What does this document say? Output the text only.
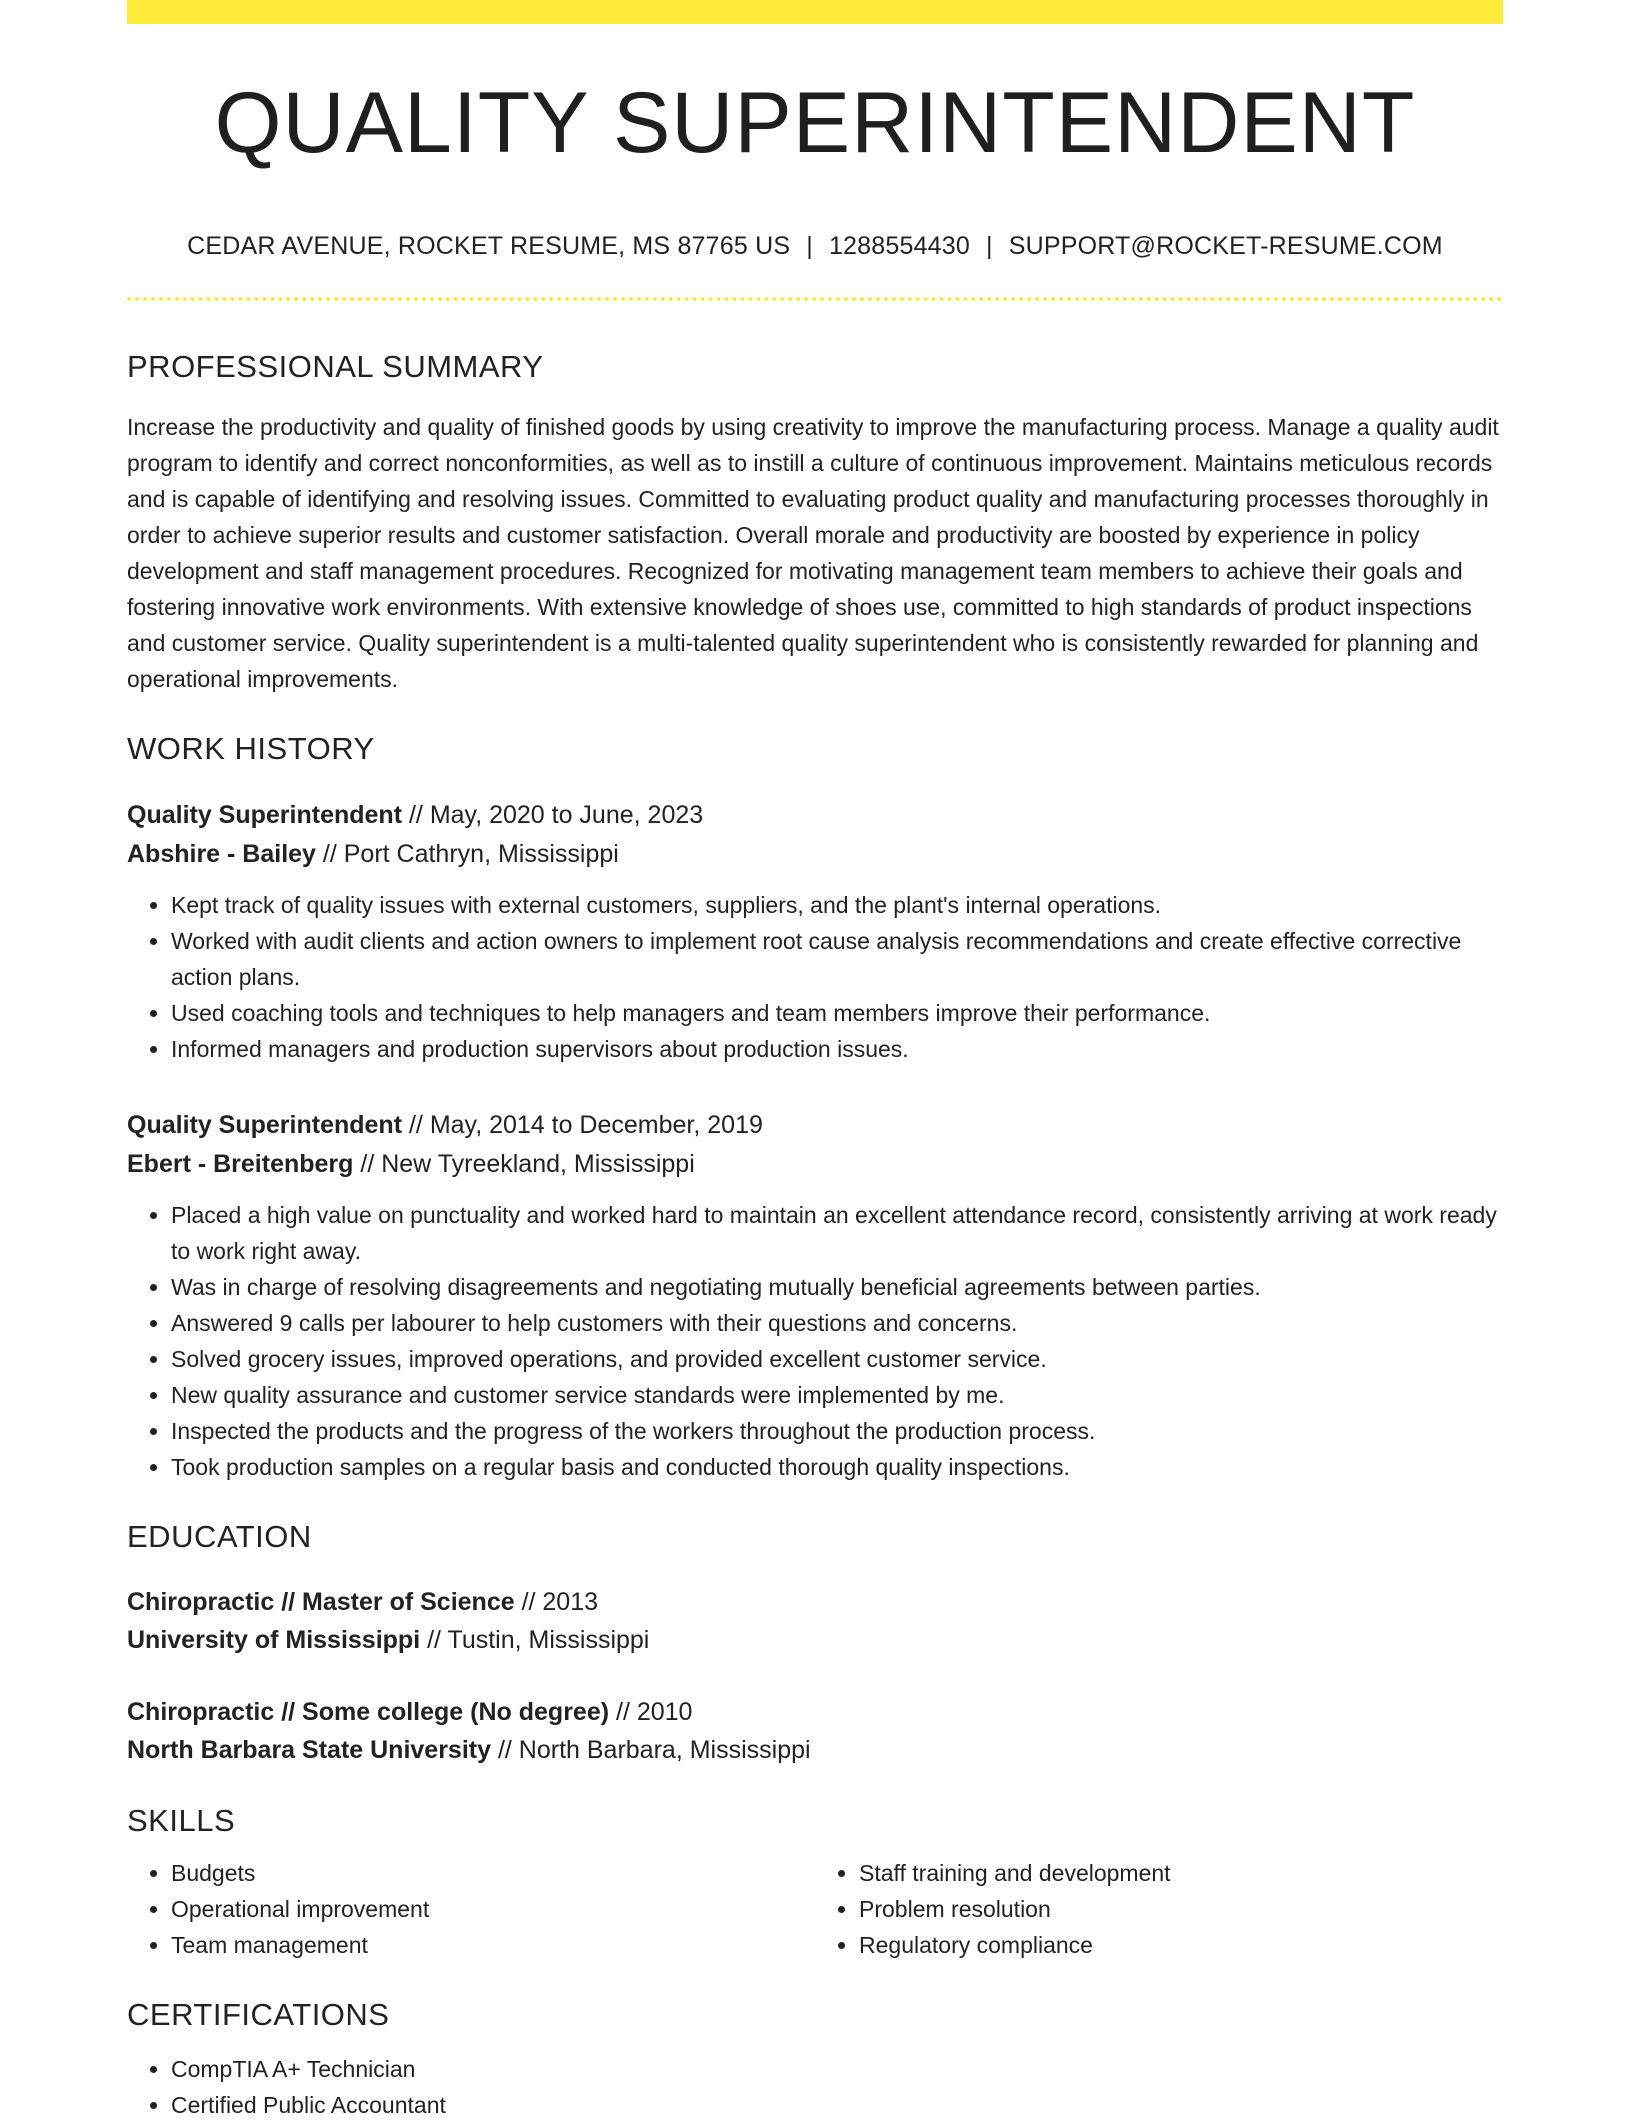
QUALITY SUPERINTENDENT
CEDAR AVENUE, ROCKET RESUME, MS 87765 US | 1288554430 | SUPPORT@ROCKET-RESUME.COM
PROFESSIONAL SUMMARY
Increase the productivity and quality of finished goods by using creativity to improve the manufacturing process. Manage a quality audit program to identify and correct nonconformities, as well as to instill a culture of continuous improvement. Maintains meticulous records and is capable of identifying and resolving issues. Committed to evaluating product quality and manufacturing processes thoroughly in order to achieve superior results and customer satisfaction. Overall morale and productivity are boosted by experience in policy development and staff management procedures. Recognized for motivating management team members to achieve their goals and fostering innovative work environments. With extensive knowledge of shoes use, committed to high standards of product inspections and customer service. Quality superintendent is a multi-talented quality superintendent who is consistently rewarded for planning and operational improvements.
WORK HISTORY
Quality Superintendent // May, 2020 to June, 2023
Abshire - Bailey // Port Cathryn, Mississippi
• Kept track of quality issues with external customers, suppliers, and the plant's internal operations.
• Worked with audit clients and action owners to implement root cause analysis recommendations and create effective corrective action plans.
• Used coaching tools and techniques to help managers and team members improve their performance.
• Informed managers and production supervisors about production issues.
Quality Superintendent // May, 2014 to December, 2019
Ebert - Breitenberg // New Tyreekland, Mississippi
• Placed a high value on punctuality and worked hard to maintain an excellent attendance record, consistently arriving at work ready to work right away.
• Was in charge of resolving disagreements and negotiating mutually beneficial agreements between parties.
• Answered 9 calls per labourer to help customers with their questions and concerns.
• Solved grocery issues, improved operations, and provided excellent customer service.
• New quality assurance and customer service standards were implemented by me.
• Inspected the products and the progress of the workers throughout the production process.
• Took production samples on a regular basis and conducted thorough quality inspections.
EDUCATION
Chiropractic // Master of Science // 2013
University of Mississippi // Tustin, Mississippi
Chiropractic // Some college (No degree) // 2010
North Barbara State University // North Barbara, Mississippi
SKILLS
• Budgets
• Operational improvement
• Team management
• Staff training and development
• Problem resolution
• Regulatory compliance
CERTIFICATIONS
• CompTIA A+ Technician
• Certified Public Accountant
